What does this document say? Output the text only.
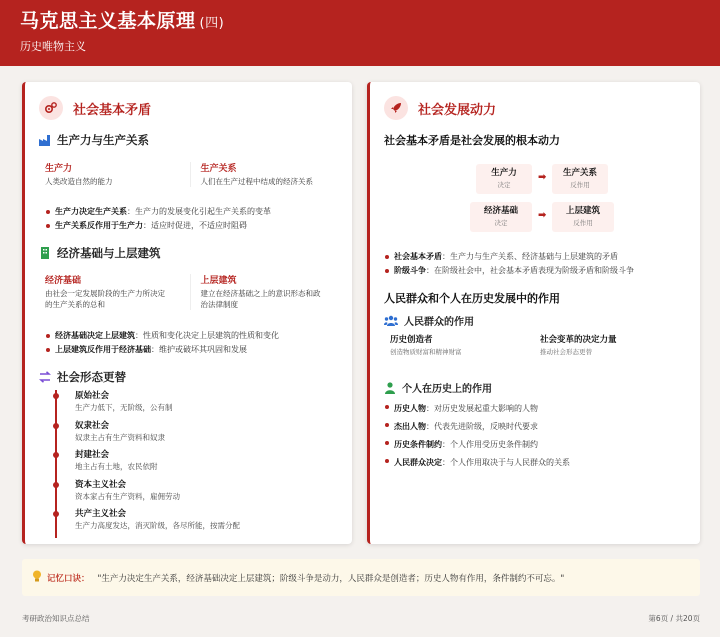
马克思主义基本原理 (四)
历史唯物主义
社会基本矛盾
生产力与生产关系
生产力
人类改造自然的能力
生产关系
人们在生产过程中结成的经济关系
生产力决定生产关系：生产力的发展变化引起生产关系的变革
生产关系反作用于生产力：适应时促进，不适应时阻碍
经济基础与上层建筑
经济基础
由社会一定发展阶段的生产力所决定
的生产关系的总和
上层建筑
建立在经济基础之上的意识形态和政
治法律制度
经济基础决定上层建筑：性质和变化决定上层建筑的性质和变化
上层建筑反作用于经济基础：维护或破坏其巩固和发展
社会形态更替
原始社会
生产力低下，无阶级，公有制
奴隶社会
奴隶主占有生产资料和奴隶
封建社会
地主占有土地，农民依附
资本主义社会
资本家占有生产资料，雇佣劳动
共产主义社会
生产力高度发达，消灭阶级，各尽所能，按需分配
社会发展动力
社会基本矛盾是社会发展的根本动力
生产力
决定
➡	生产关系
反作用
经济基础
决定
➡	上层建筑
反作用
社会基本矛盾：生产力与生产关系、经济基础与上层建筑的矛盾
阶级斗争：在阶级社会中，社会基本矛盾表现为阶级矛盾和阶级斗争
人民群众和个人在历史发展中的作用
人民群众的作用
历史创造者
创造物质财富和精神财富
社会变革的决定力量
推动社会形态更替
个人在历史上的作用
历史人物：对历史发展起重大影响的人物
杰出人物：代表先进阶级，反映时代要求
历史条件制约：个人作用受历史条件制约
人民群众决定：个人作用取决于与人民群众的关系
记忆口诀： "生产力决定生产关系，经济基础决定上层建筑；阶级斗争是动力，人民群众是创造者；历史人物有作用，条件制约不可忘。"
考研政治知识点总结	第6页 / 共20页
